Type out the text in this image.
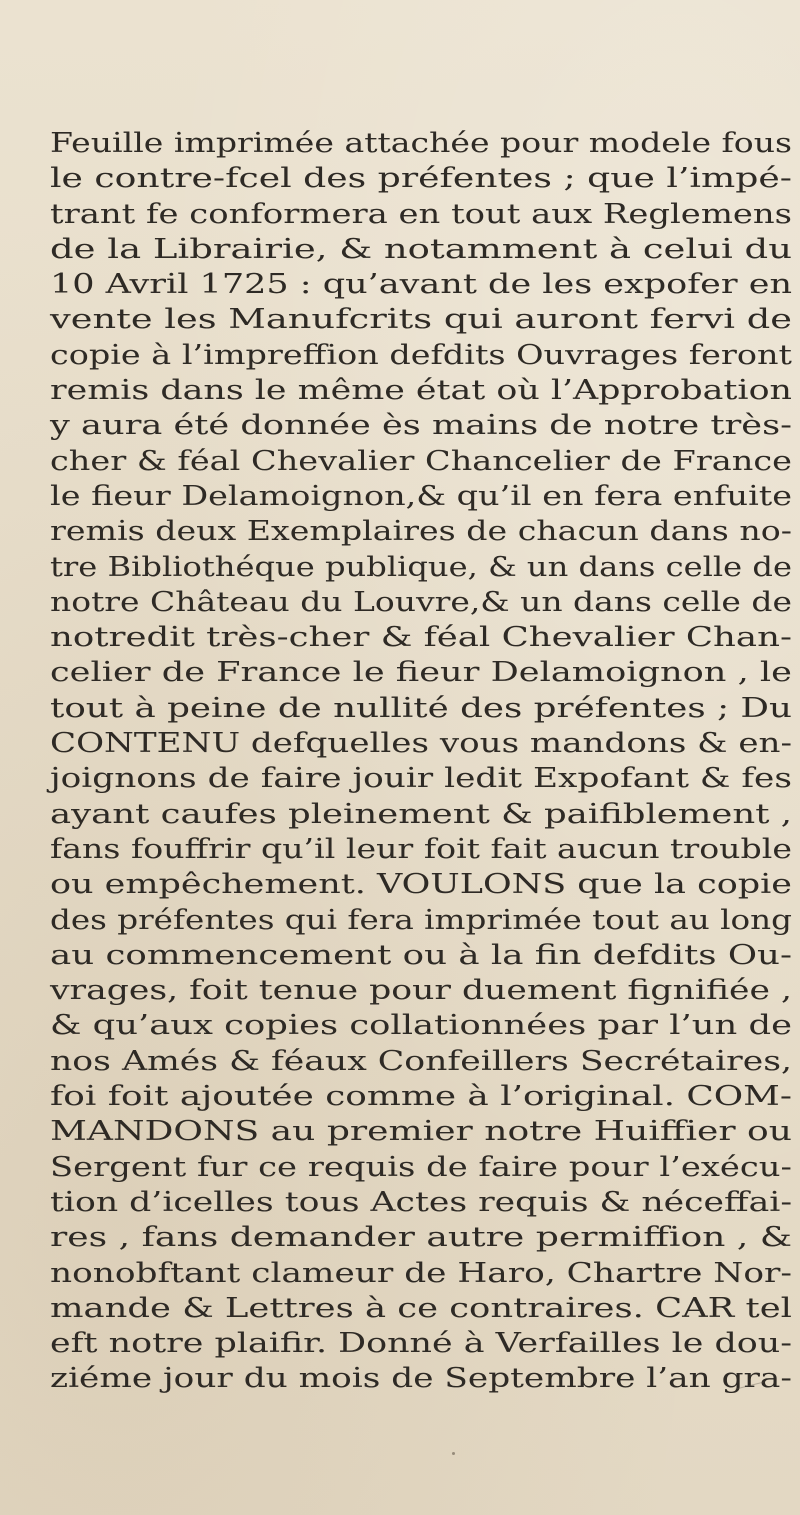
Feuille imprimée attachée pour modele fous
le contre-fcel des préfentes ; que l’impé-
trant fe conformera en tout aux Reglemens
de la Librairie, & notamment à celui du
10 Avril 1725 : qu’avant de les expofer en
vente les Manufcrits qui auront fervi de
copie à l’impreffion defdits Ouvrages feront
remis dans le même état où l’Approbation
y aura été donnée ès mains de notre très-
cher & féal Chevalier Chancelier de France
le fieur Delamoignon,& qu’il en fera enfuite
remis deux Exemplaires de chacun dans no-
tre Bibliothéque publique, & un dans celle de
notre Château du Louvre,& un dans celle de
notredit très-cher & féal Chevalier Chan-
celier de France le fieur Delamoignon , le
tout à peine de nullité des préfentes ; Du
CONTENU defquelles vous mandons & en-
joignons de faire jouir ledit Expofant & fes
ayant caufes pleinement & paifiblement ,
fans fouffrir qu’il leur foit fait aucun trouble
ou empêchement. VOULONS que la copie
des préfentes qui fera imprimée tout au long
au commencement ou à la fin defdits Ou-
vrages, foit tenue pour duement fignifiée ,
& qu’aux copies collationnées par l’un de
nos Amés & féaux Confeillers Secrétaires,
foi foit ajoutée comme à l’original. COM-
MANDONS au premier notre Huiffier ou
Sergent fur ce requis de faire pour l’exécu-
tion d’icelles tous Actes requis & néceffai-
res , fans demander autre permiffion , &
nonobftant clameur de Haro, Chartre Nor-
mande & Lettres à ce contraires. CAR tel
eft notre plaifir. Donné à Verfailles le dou-
ziéme jour du mois de Septembre l’an gra-
